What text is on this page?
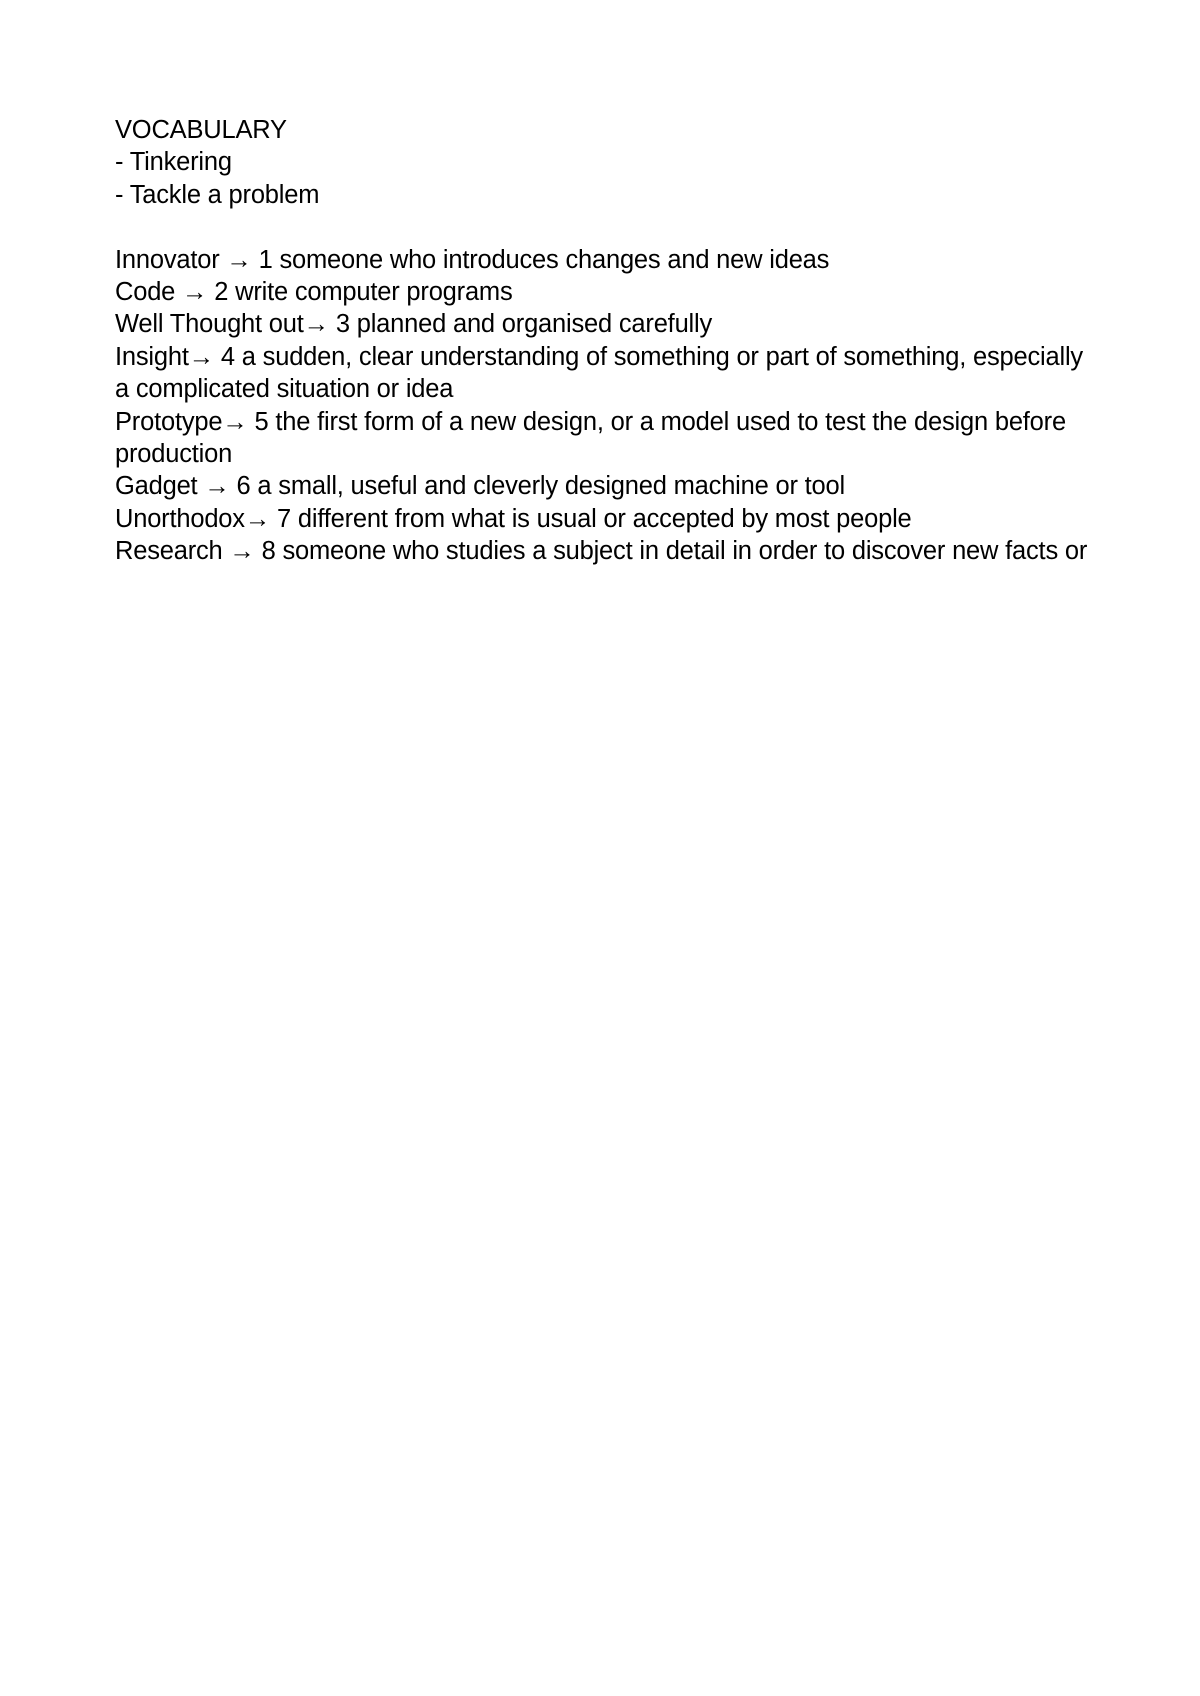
VOCABULARY
- Tinkering
- Tackle a problem
Innovator → 1 someone who introduces changes and new ideas
Code → 2 write computer programs
Well Thought out→ 3 planned and organised carefully
Insight→ 4 a sudden, clear understanding of something or part of something, especially a complicated situation or idea
Prototype→ 5 the first form of a new design, or a model used to test the design before production
Gadget → 6 a small, useful and cleverly designed machine or tool
Unorthodox→ 7 different from what is usual or accepted by most people
Research → 8 someone who studies a subject in detail in order to discover new facts or
